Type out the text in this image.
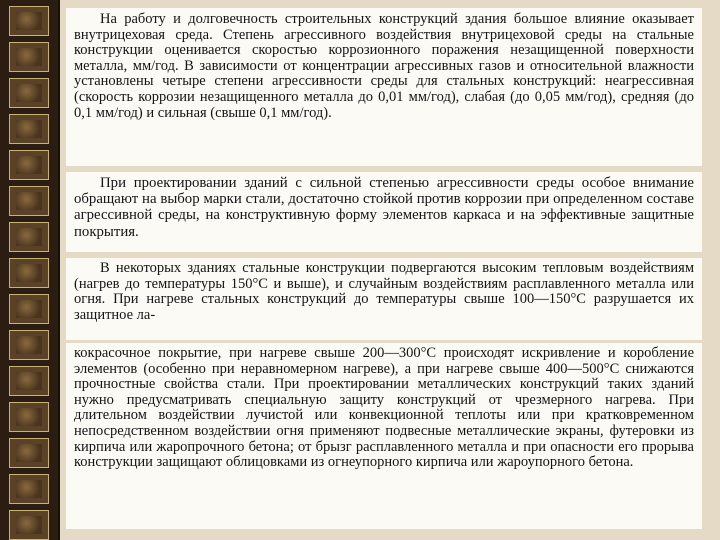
На работу и долговечность строительных конструкций здания большое влияние оказывает внутрицеховая среда. Степень агрессивного воздействия внутрицеховой среды на стальные конструкции оценивается скоростью коррозионного поражения незащищенной поверхности металла, мм/год. В зависимости от концентрации агрессивных газов и относительной влажности установлены четыре степени агрессивности среды для стальных конструкций: неагрессивная (скорость коррозии незащищенного металла до 0,01 мм/год), слабая (до 0,05 мм/год), средняя (до 0,1 мм/год) и сильная (свыше 0,1 мм/год).

При проектировании зданий с сильной степенью агрессивности среды особое внимание обращают на выбор марки стали, достаточно стойкой против коррозии при определенном составе агрессивной среды, на конструктивную форму элементов каркаса и на эффективные защитные покрытия.

В некоторых зданиях стальные конструкции подвергаются высоким тепловым воздействиям (нагрев до температуры 150°С и выше), и случайным воздействиям расплавленного металла или огня. При нагреве стальных конструкций до температуры свыше 100—150°С разрушается их защитное ла-

кокрасочное покрытие, при нагреве свыше 200—300°С происходят искривление и коробление элементов (особенно при неравномерном нагреве), а при нагреве свыше 400—500°С снижаются прочностные свойства стали. При проектировании металлических конструкций таких зданий нужно предусматривать специальную защиту конструкций от чрезмерного нагрева. При длительном воздействии лучистой или конвекционной теплоты или при кратковременном непосредственном воздействии огня применяют подвесные металлические экраны, футеровки из кирпича или жаропрочного бетона; от брызг расплавленного металла и при опасности его прорыва конструкции защищают облицовками из огнеупорного кирпича или жароупорного бетона.
